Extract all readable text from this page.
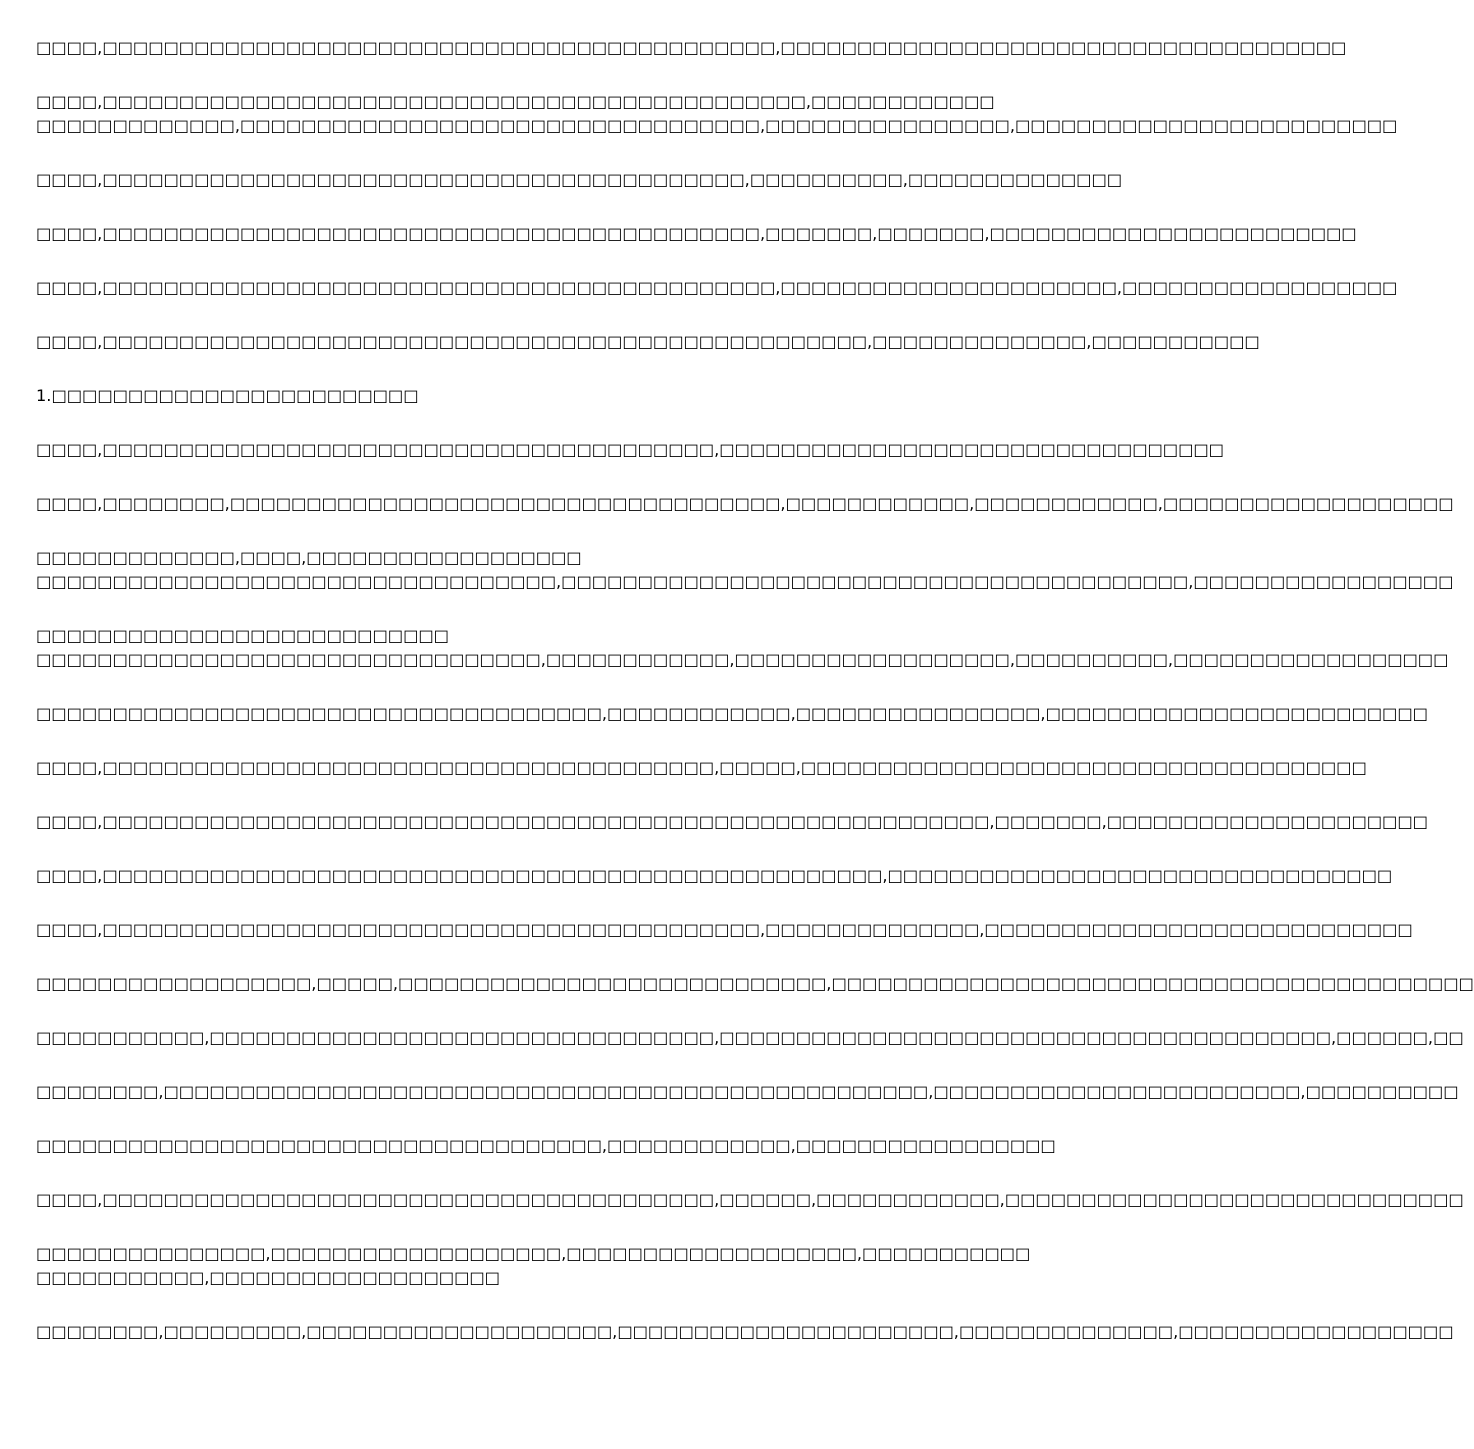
□□□□,□□□□□□□□□□□□□□□□□□□□□□□□□□□□□□□□□□□□□□□□□□□□,□□□□□□□□□□□□□□□□□□□□□□□□□□□□□□□□□□□□□

□□□□,□□□□□□□□□□□□□□□□□□□□□□□□□□□□□□□□□□□□□□□□□□□□□□,□□□□□□□□□□□□

□□□□□□□□□□□□□,□□□□□□□□□□□□□□□□□□□□□□□□□□□□□□□□□□,□□□□□□□□□□□□□□□□,□□□□□□□□□□□□□□□□□□□□□□□□□

□□□□,□□□□□□□□□□□□□□□□□□□□□□□□□□□□□□□□□□□□□□□□□□,□□□□□□□□□□,□□□□□□□□□□□□□□

□□□□,□□□□□□□□□□□□□□□□□□□□□□□□□□□□□□□□□□□□□□□□□□□,□□□□□□□,□□□□□□□,□□□□□□□□□□□□□□□□□□□□□□□□

□□□□,□□□□□□□□□□□□□□□□□□□□□□□□□□□□□□□□□□□□□□□□□□□□,□□□□□□□□□□□□□□□□□□□□□□,□□□□□□□□□□□□□□□□□□

□□□□,□□□□□□□□□□□□□□□□□□□□□□□□□□□□□□□□□□□□□□□□□□□□□□□□□□,□□□□□□□□□□□□□□,□□□□□□□□□□□

1.□□□□□□□□□□□□□□□□□□□□□□□□

□□□□,□□□□□□□□□□□□□□□□□□□□□□□□□□□□□□□□□□□□□□□□,□□□□□□□□□□□□□□□□□□□□□□□□□□□□□□□□□

□□□□,□□□□□□□□,□□□□□□□□□□□□□□□□□□□□□□□□□□□□□□□□□□□□,□□□□□□□□□□□□,□□□□□□□□□□□□,□□□□□□□□□□□□□□□□□□□

□□□□□□□□□□□□□,□□□□,□□□□□□□□□□□□□□□□□□

□□□□□□□□□□□□□□□□□□□□□□□□□□□□□□□□□□,□□□□□□□□□□□□□□□□□□□□□□□□□□□□□□□□□□□□□□□□□,□□□□□□□□□□□□□□□□□

□□□□□□□□□□□□□□□□□□□□□□□□□□□

□□□□□□□□□□□□□□□□□□□□□□□□□□□□□□□□□,□□□□□□□□□□□□,□□□□□□□□□□□□□□□□□□,□□□□□□□□□□,□□□□□□□□□□□□□□□□□□

□□□□□□□□□□□□□□□□□□□□□□□□□□□□□□□□□□□□□,□□□□□□□□□□□□,□□□□□□□□□□□□□□□□,□□□□□□□□□□□□□□□□□□□□□□□□□

□□□□,□□□□□□□□□□□□□□□□□□□□□□□□□□□□□□□□□□□□□□□□,□□□□□,□□□□□□□□□□□□□□□□□□□□□□□□□□□□□□□□□□□□□

□□□□,□□□□□□□□□□□□□□□□□□□□□□□□□□□□□□□□□□□□□□□□□□□□□□□□□□□□□□□□□□,□□□□□□□,□□□□□□□□□□□□□□□□□□□□□

□□□□,□□□□□□□□□□□□□□□□□□□□□□□□□□□□□□□□□□□□□□□□□□□□□□□□□□□,□□□□□□□□□□□□□□□□□□□□□□□□□□□□□□□□□

□□□□,□□□□□□□□□□□□□□□□□□□□□□□□□□□□□□□□□□□□□□□□□□□,□□□□□□□□□□□□□□,□□□□□□□□□□□□□□□□□□□□□□□□□□□□

□□□□□□□□□□□□□□□□□□,□□□□□,□□□□□□□□□□□□□□□□□□□□□□□□□□□□,□□□□□□□□□□□□□□□□□□□□□□□□□□□□□□□□□□□□□□□□□□

□□□□□□□□□□□,□□□□□□□□□□□□□□□□□□□□□□□□□□□□□□□□□,□□□□□□□□□□□□□□□□□□□□□□□□□□□□□□□□□□□□□□□□,□□□□□□,□□

□□□□□□□□,□□□□□□□□□□□□□□□□□□□□□□□□□□□□□□□□□□□□□□□□□□□□□□□□□□,□□□□□□□□□□□□□□□□□□□□□□□□,□□□□□□□□□□

□□□□□□□□□□□□□□□□□□□□□□□□□□□□□□□□□□□□□,□□□□□□□□□□□□,□□□□□□□□□□□□□□□□□

□□□□,□□□□□□□□□□□□□□□□□□□□□□□□□□□□□□□□□□□□□□□□,□□□□□□,□□□□□□□□□□□□,□□□□□□□□□□□□□□□□□□□□□□□□□□□□□□

□□□□□□□□□□□□□□□,□□□□□□□□□□□□□□□□□□□,□□□□□□□□□□□□□□□□□□□,□□□□□□□□□□□

□□□□□□□□□□□,□□□□□□□□□□□□□□□□□□□

□□□□□□□□,□□□□□□□□□,□□□□□□□□□□□□□□□□□□□□,□□□□□□□□□□□□□□□□□□□□□□,□□□□□□□□□□□□□□,□□□□□□□□□□□□□□□□□□
